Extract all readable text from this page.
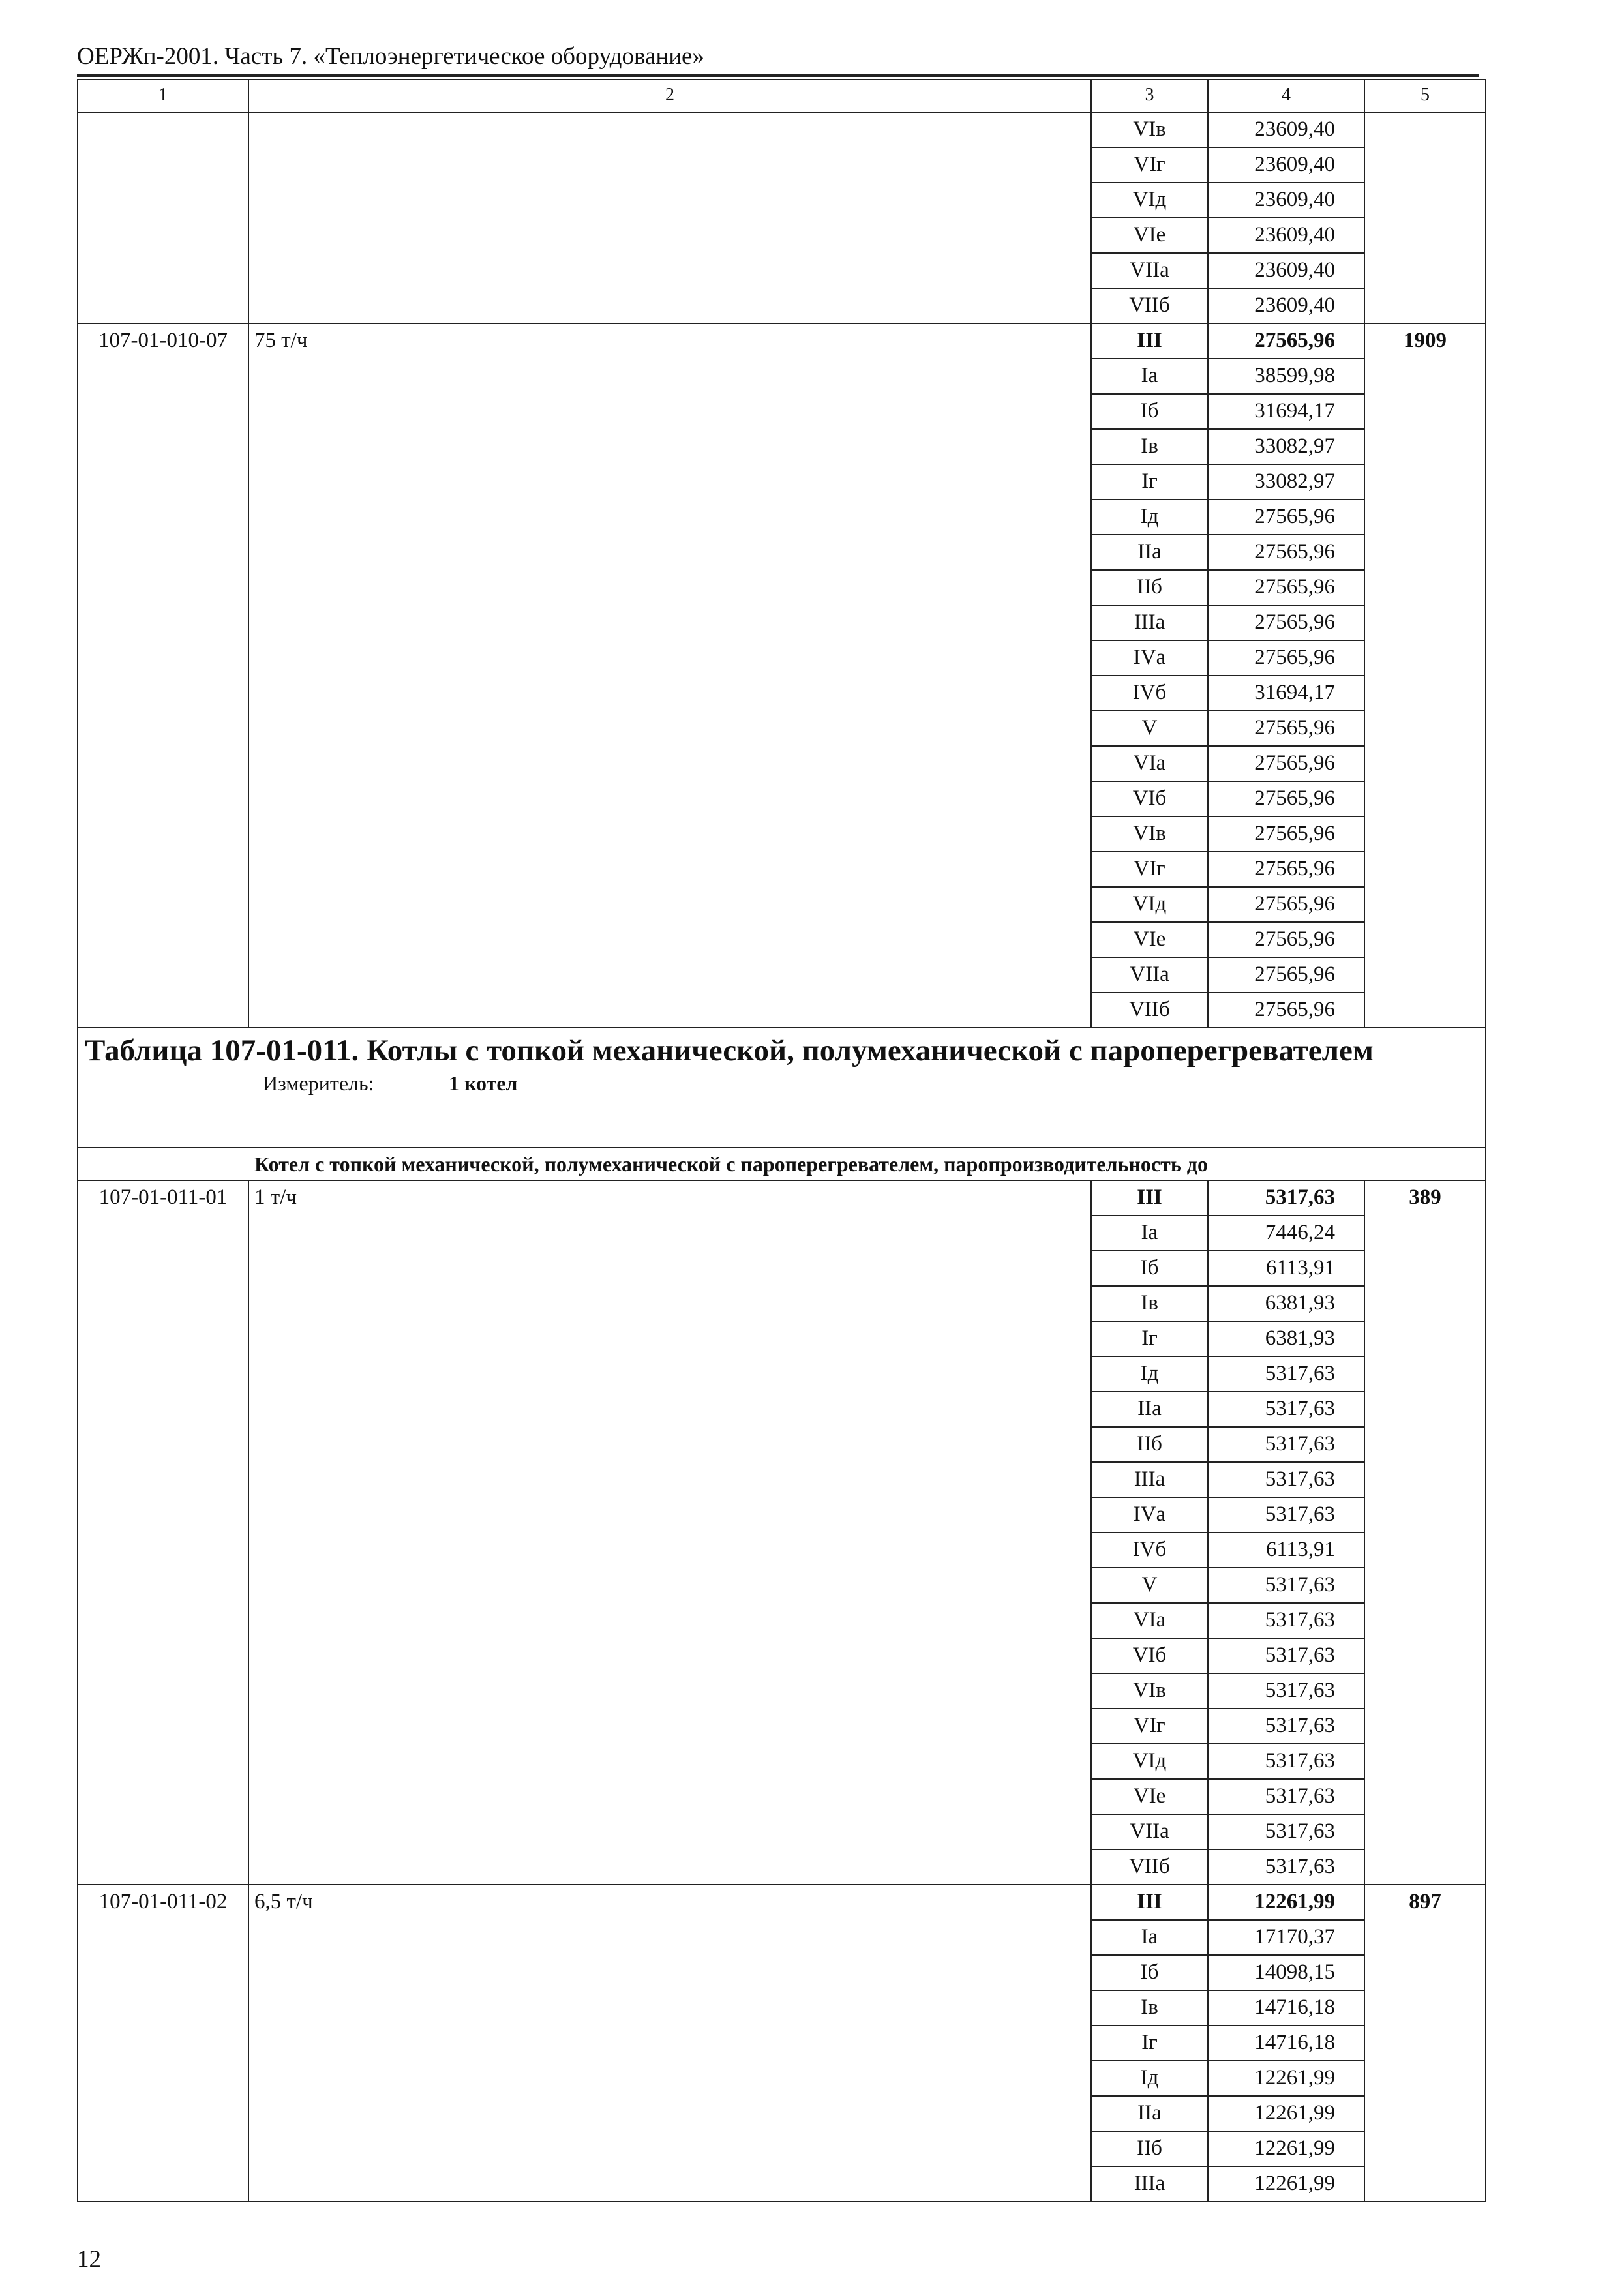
ОЕРЖп-2001. Часть 7. «Теплоэнергетическое оборудование»
1	2	3	4	5
		VIв	23609,40	
		VIг	23609,40	
		VIд	23609,40	
		VIе	23609,40	
		VIIа	23609,40	
		VIIб	23609,40	
107-01-010-07	75 т/ч	III	27565,96	1909
		Iа	38599,98	
		Iб	31694,17	
		Iв	33082,97	
		Iг	33082,97	
		Iд	27565,96	
		IIа	27565,96	
		IIб	27565,96	
		IIIа	27565,96	
		IVа	27565,96	
		IVб	31694,17	
		V	27565,96	
		VIа	27565,96	
		VIб	27565,96	
		VIв	27565,96	
		VIг	27565,96	
		VIд	27565,96	
		VIе	27565,96	
		VIIа	27565,96	
		VIIб	27565,96	

Таблица 107-01-011. Котлы с топкой механической, полумеханической с пароперегревателем
Измеритель: 1 котел				

Котел с топкой механической, полумеханической с пароперегревателем, паропроизводительность до				
107-01-011-01	1 т/ч	III	5317,63	389
		Iа	7446,24	
		Iб	6113,91	
		Iв	6381,93	
		Iг	6381,93	
		Iд	5317,63	
		IIа	5317,63	
		IIб	5317,63	
		IIIа	5317,63	
		IVа	5317,63	
		IVб	6113,91	
		V	5317,63	
		VIа	5317,63	
		VIб	5317,63	
		VIв	5317,63	
		VIг	5317,63	
		VIд	5317,63	
		VIе	5317,63	
		VIIа	5317,63	
		VIIб	5317,63	
107-01-011-02	6,5 т/ч	III	12261,99	897
		Iа	17170,37	
		Iб	14098,15	
		Iв	14716,18	
		Iг	14716,18	
		Iд	12261,99	
		IIа	12261,99	
		IIб	12261,99	
		IIIа	12261,99	
12
